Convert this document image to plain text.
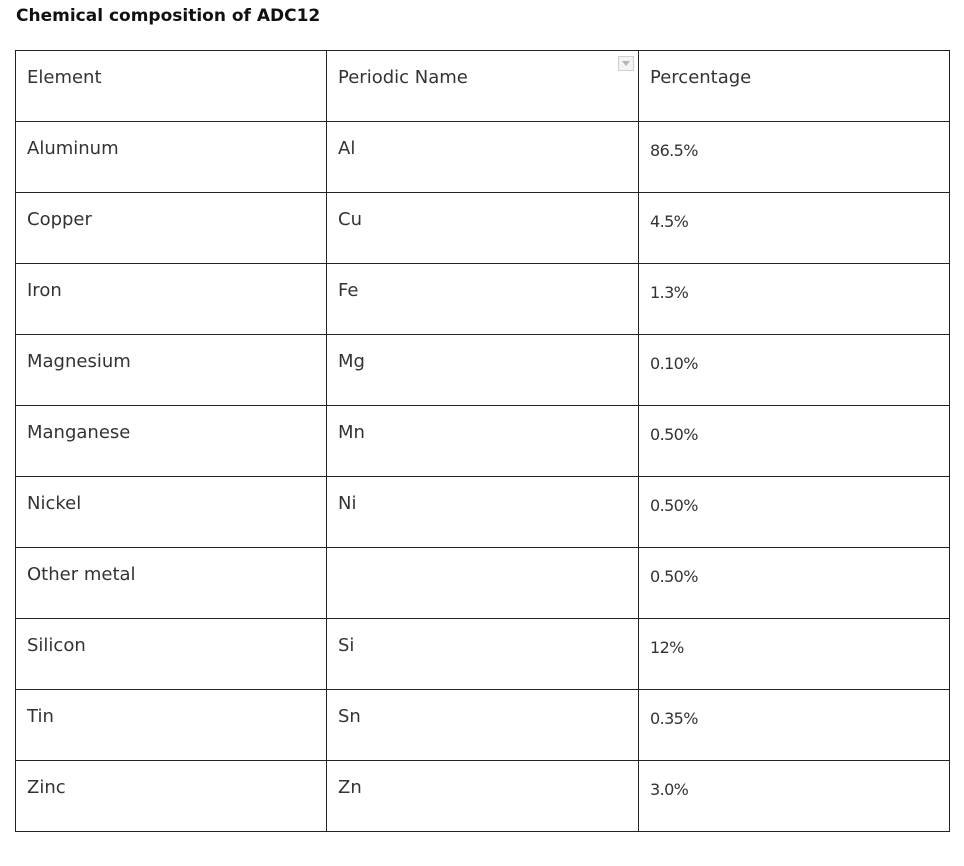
Chemical composition of ADC12
Element	Periodic Name	Percentage

Aluminum	Al	86.5%

Copper	Cu	4.5%

Iron	Fe	1.3%

Magnesium	Mg	0.10%

Manganese	Mn	0.50%

Nickel	Ni	0.50%

Other metal		0.50%

Silicon	Si	12%

Tin	Sn	0.35%

Zinc	Zn	3.0%
